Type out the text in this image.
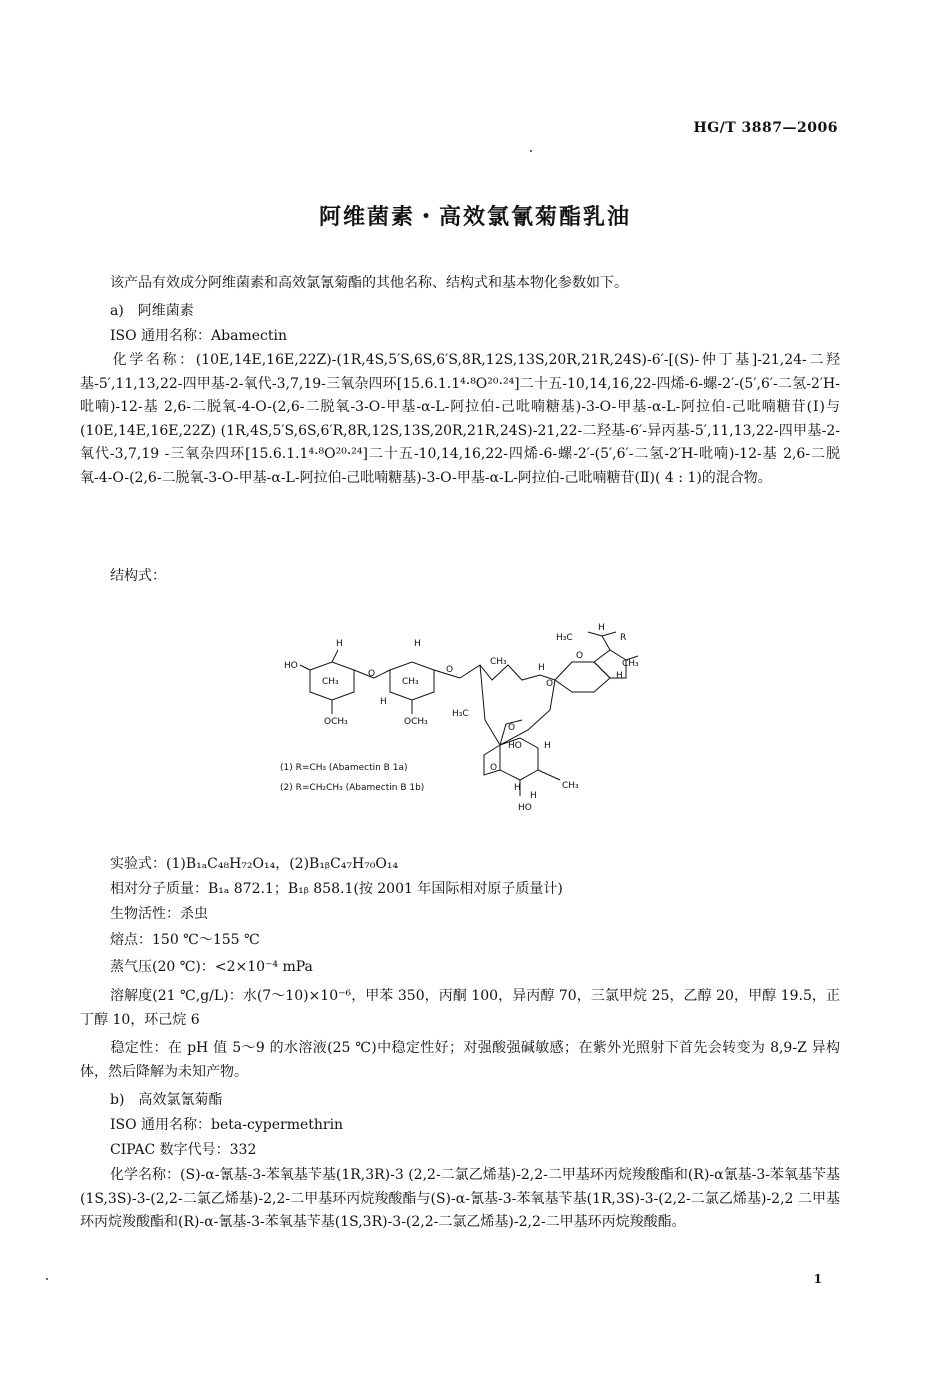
HG/T 3887—2006
阿维菌素・高效氯氰菊酯乳油

该产品有效成分阿维菌素和高效氯氰菊酯的其他名称、结构式和基本物化参数如下。

a)　阿维菌素
ISO 通用名称：Abamectin

化学名称：(10E,14E,16E,22Z)-(1R,4S,5′S,6S,6′S,8R,12S,13S,20R,21R,24S)-6′-[(S)-仲丁基]-21,24-二羟基-5′,11,13,22-四甲基-2-氧代-3,7,19-三氧杂四环[15.6.1.1⁴·⁸O²⁰·²⁴]二十五-10,14,16,22-四烯-6-螺-2′-(5′,6′-二氢-2′H-吡喃)-12-基 2,6-二脱氧-4-O-(2,6-二脱氧-3-O-甲基-α-L-阿拉伯-己吡喃糖基)-3-O-甲基-α-L-阿拉伯-己吡喃糖苷(Ⅰ)与(10E,14E,16E,22Z) (1R,4S,5′S,6S,6′R,8R,12S,13S,20R,21R,24S)-21,22-二羟基-6′-异丙基-5′,11,13,22-四甲基-2-氧代-3,7,19 -三氧杂四环[15.6.1.1⁴·⁸O²⁰·²⁴]二十五-10,14,16,22-四烯-6-螺-2′-(5′,6′-二氢-2′H-吡喃)-12-基 2,6-二脱氧-4-O-(2,6-二脱氧-3-O-甲基-α-L-阿拉伯-己吡喃糖基)-3-O-甲基-α-L-阿拉伯-己吡喃糖苷(Ⅱ)( 4 : 1)的混合物。

结构式：
HO
H
CH₃
OCH₃
O
H
CH₃
OCH₃
O
H
CH₃
H₃C
H
O
O
H₃C
H
R
CH₃
H
O
HO H
O
CH₃
H
HO
H
(1) R=CH₃ (Abamectin B 1a)
(2) R=CH₂CH₃ (Abamectin B 1b)
实验式：(1)B₁ₐC₄₈H₇₂O₁₄，(2)B₁ᵦC₄₇H₇₀O₁₄
相对分子质量：B₁ₐ 872.1；B₁ᵦ 858.1(按 2001 年国际相对原子质量计)
生物活性：杀虫
熔点：150 ℃～155 ℃
蒸气压(20 ℃)：<2×10⁻⁴ mPa

溶解度(21 ℃,g/L)：水(7～10)×10⁻⁶，甲苯 350，丙酮 100，异丙醇 70，三氯甲烷 25，乙醇 20，甲醇 19.5，正丁醇 10，环己烷 6

稳定性：在 pH 值 5～9 的水溶液(25 ℃)中稳定性好；对强酸强碱敏感；在紫外光照射下首先会转变为 8,9-Z 异构体，然后降解为未知产物。

b)　高效氯氰菊酯
ISO 通用名称：beta-cypermethrin
CIPAC 数字代号：332

化学名称：(S)-α-氰基-3-苯氧基苄基(1R,3R)-3 (2,2-二氯乙烯基)-2,2-二甲基环丙烷羧酸酯和(R)-α氰基-3-苯氧基苄基(1S,3S)-3-(2,2-二氯乙烯基)-2,2-二甲基环丙烷羧酸酯与(S)-α-氰基-3-苯氧基苄基(1R,3S)-3-(2,2-二氯乙烯基)-2,2 二甲基环丙烷羧酸酯和(R)-α-氰基-3-苯氧基苄基(1S,3R)-3-(2,2-二氯乙烯基)-2,2-二甲基环丙烷羧酸酯。

1
